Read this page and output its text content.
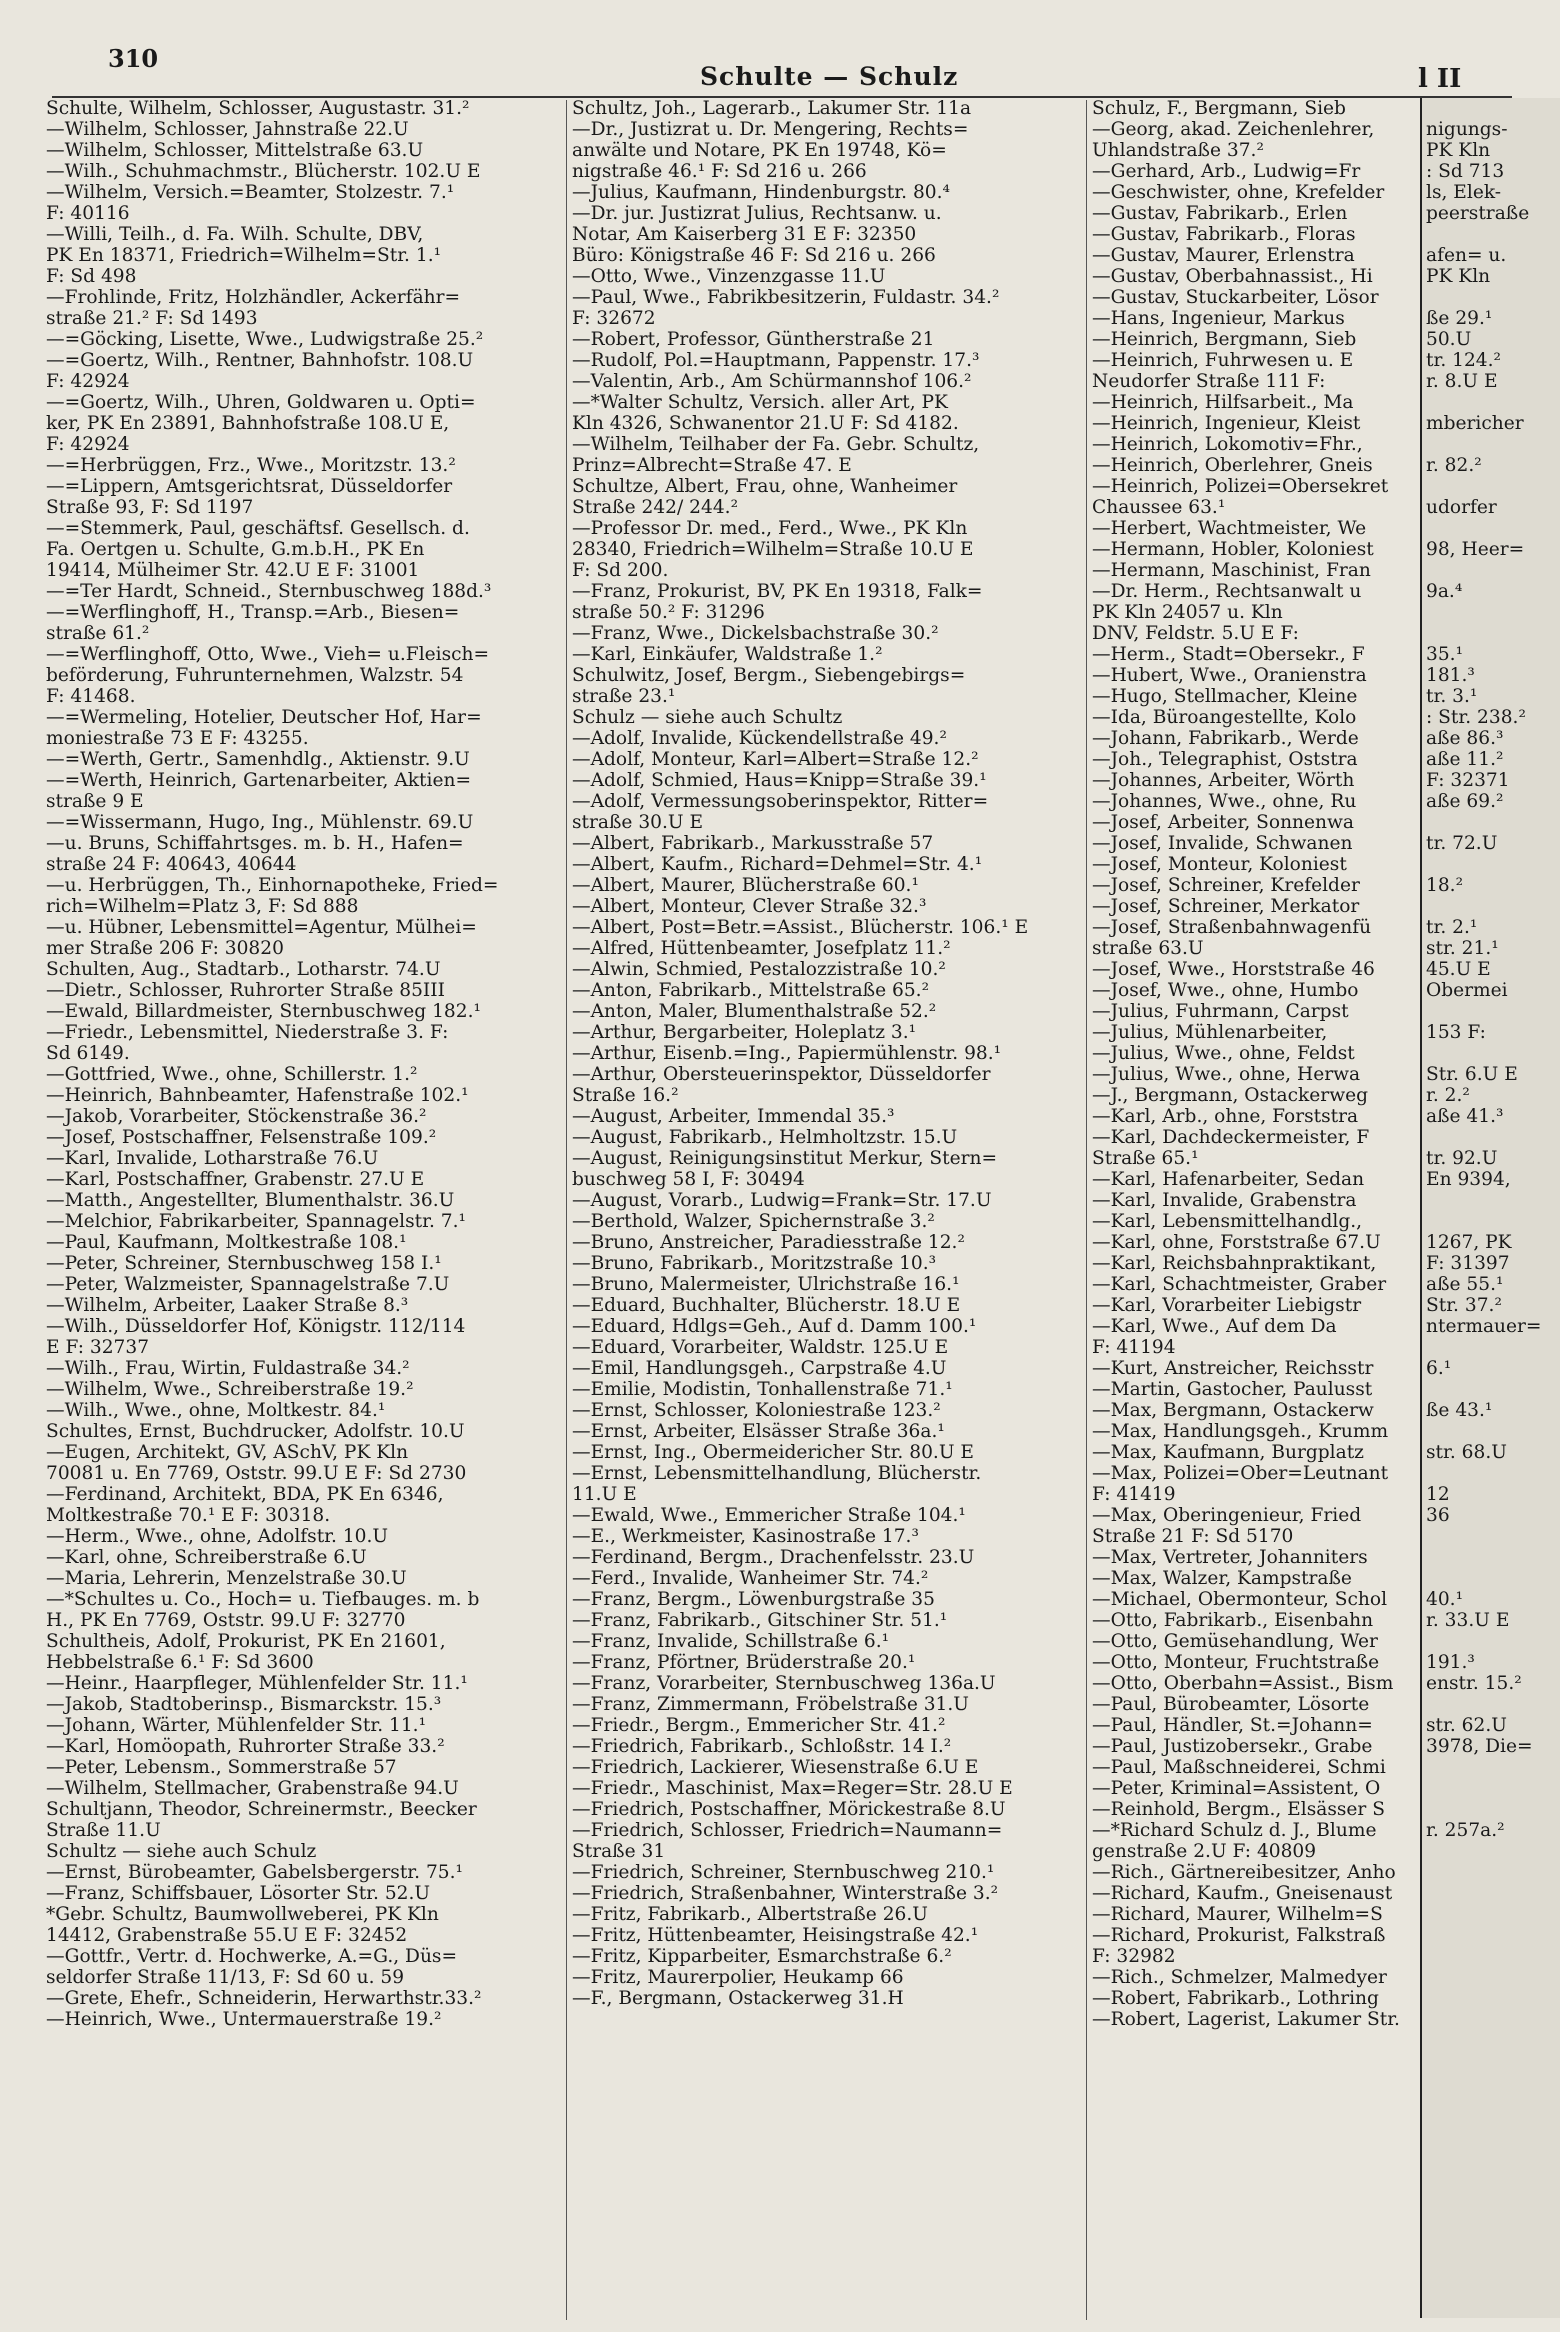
310
Schulte — Schulz	l II
Schulte, Wilhelm, Schlosser, Augustastr. 31.²
—Wilhelm, Schlosser, Jahnstraße 22.U
—Wilhelm, Schlosser, Mittelstraße 63.U
—Wilh., Schuhmachmstr., Blücherstr. 102.U E
—Wilhelm, Versich.=Beamter, Stolzestr. 7.¹
F: 40116
—Willi, Teilh., d. Fa. Wilh. Schulte, DBV,
PK En 18371, Friedrich=Wilhelm=Str. 1.¹
F: Sd 498
—Frohlinde, Fritz, Holzhändler, Ackerfähr=
straße 21.² F: Sd 1493
—=Göcking, Lisette, Wwe., Ludwigstraße 25.²
—=Goertz, Wilh., Rentner, Bahnhofstr. 108.U
F: 42924
—=Goertz, Wilh., Uhren, Goldwaren u. Opti=
ker, PK En 23891, Bahnhofstraße 108.U E,
F: 42924
—=Herbrüggen, Frz., Wwe., Moritzstr. 13.²
—=Lippern, Amtsgerichtsrat, Düsseldorfer
Straße 93, F: Sd 1197
—=Stemmerk, Paul, geschäftsf. Gesellsch. d.
Fa. Oertgen u. Schulte, G.m.b.H., PK En
19414, Mülheimer Str. 42.U E F: 31001
—=Ter Hardt, Schneid., Sternbuschweg 188d.³
—=Werflinghoff, H., Transp.=Arb., Biesen=
straße 61.²
—=Werflinghoff, Otto, Wwe., Vieh= u.Fleisch=
beförderung, Fuhrunternehmen, Walzstr. 54
F: 41468.
—=Wermeling, Hotelier, Deutscher Hof, Har=
moniestraße 73 E F: 43255.
—=Werth, Gertr., Samenhdlg., Aktienstr. 9.U
—=Werth, Heinrich, Gartenarbeiter, Aktien=
straße 9 E
—=Wissermann, Hugo, Ing., Mühlenstr. 69.U
—u. Bruns, Schiffahrtsges. m. b. H., Hafen=
straße 24 F: 40643, 40644
—u. Herbrüggen, Th., Einhornapotheke, Fried=
rich=Wilhelm=Platz 3, F: Sd 888
—u. Hübner, Lebensmittel=Agentur, Mülhei=
mer Straße 206 F: 30820
Schulten, Aug., Stadtarb., Lotharstr. 74.U
—Dietr., Schlosser, Ruhrorter Straße 85III
—Ewald, Billardmeister, Sternbuschweg 182.¹
—Friedr., Lebensmittel, Niederstraße 3. F:
Sd 6149.
—Gottfried, Wwe., ohne, Schillerstr. 1.²
—Heinrich, Bahnbeamter, Hafenstraße 102.¹
—Jakob, Vorarbeiter, Stöckenstraße 36.²
—Josef, Postschaffner, Felsenstraße 109.²
—Karl, Invalide, Lotharstraße 76.U
—Karl, Postschaffner, Grabenstr. 27.U E
—Matth., Angestellter, Blumenthalstr. 36.U
—Melchior, Fabrikarbeiter, Spannagelstr. 7.¹
—Paul, Kaufmann, Moltkestraße 108.¹
—Peter, Schreiner, Sternbuschweg 158 I.¹
—Peter, Walzmeister, Spannagelstraße 7.U
—Wilhelm, Arbeiter, Laaker Straße 8.³
—Wilh., Düsseldorfer Hof, Königstr. 112/114
E F: 32737
—Wilh., Frau, Wirtin, Fuldastraße 34.²
—Wilhelm, Wwe., Schreiberstraße 19.²
—Wilh., Wwe., ohne, Moltkestr. 84.¹
Schultes, Ernst, Buchdrucker, Adolfstr. 10.U
—Eugen, Architekt, GV, ASchV, PK Kln
70081 u. En 7769, Oststr. 99.U E F: Sd 2730
—Ferdinand, Architekt, BDA, PK En 6346,
Moltkestraße 70.¹ E F: 30318.
—Herm., Wwe., ohne, Adolfstr. 10.U
—Karl, ohne, Schreiberstraße 6.U
—Maria, Lehrerin, Menzelstraße 30.U
—*Schultes u. Co., Hoch= u. Tiefbauges. m. b
H., PK En 7769, Oststr. 99.U F: 32770
Schultheis, Adolf, Prokurist, PK En 21601,
Hebbelstraße 6.¹ F: Sd 3600
—Heinr., Haarpfleger, Mühlenfelder Str. 11.¹
—Jakob, Stadtoberinsp., Bismarckstr. 15.³
—Johann, Wärter, Mühlenfelder Str. 11.¹
—Karl, Homöopath, Ruhrorter Straße 33.²
—Peter, Lebensm., Sommerstraße 57
—Wilhelm, Stellmacher, Grabenstraße 94.U
Schultjann, Theodor, Schreinermstr., Beecker
Straße 11.U
Schultz — siehe auch Schulz
—Ernst, Bürobeamter, Gabelsbergerstr. 75.¹
—Franz, Schiffsbauer, Lösorter Str. 52.U
*Gebr. Schultz, Baumwollweberei, PK Kln
14412, Grabenstraße 55.U E F: 32452
—Gottfr., Vertr. d. Hochwerke, A.=G., Düs=
seldorfer Straße 11/13, F: Sd 60 u. 59
—Grete, Ehefr., Schneiderin, Herwarthstr.33.²
—Heinrich, Wwe., Untermauerstraße 19.²
Schultz, Joh., Lagerarb., Lakumer Str. 11a
—Dr., Justizrat u. Dr. Mengering, Rechts=
anwälte und Notare, PK En 19748, Kö=
nigstraße 46.¹ F: Sd 216 u. 266
—Julius, Kaufmann, Hindenburgstr. 80.⁴
—Dr. jur. Justizrat Julius, Rechtsanw. u.
Notar, Am Kaiserberg 31 E F: 32350
Büro: Königstraße 46 F: Sd 216 u. 266
—Otto, Wwe., Vinzenzgasse 11.U
—Paul, Wwe., Fabrikbesitzerin, Fuldastr. 34.²
F: 32672
—Robert, Professor, Güntherstraße 21
—Rudolf, Pol.=Hauptmann, Pappenstr. 17.³
—Valentin, Arb., Am Schürmannshof 106.²
—*Walter Schultz, Versich. aller Art, PK
Kln 4326, Schwanentor 21.U F: Sd 4182.
—Wilhelm, Teilhaber der Fa. Gebr. Schultz,
Prinz=Albrecht=Straße 47. E
Schultze, Albert, Frau, ohne, Wanheimer
Straße 242/ 244.²
—Professor Dr. med., Ferd., Wwe., PK Kln
28340, Friedrich=Wilhelm=Straße 10.U E
F: Sd 200.
—Franz, Prokurist, BV, PK En 19318, Falk=
straße 50.² F: 31296
—Franz, Wwe., Dickelsbachstraße 30.²
—Karl, Einkäufer, Waldstraße 1.²
Schulwitz, Josef, Bergm., Siebengebirgs=
straße 23.¹
Schulz — siehe auch Schultz
—Adolf, Invalide, Kückendellstraße 49.²
—Adolf, Monteur, Karl=Albert=Straße 12.²
—Adolf, Schmied, Haus=Knipp=Straße 39.¹
—Adolf, Vermessungsoberinspektor, Ritter=
straße 30.U E
—Albert, Fabrikarb., Markusstraße 57
—Albert, Kaufm., Richard=Dehmel=Str. 4.¹
—Albert, Maurer, Blücherstraße 60.¹
—Albert, Monteur, Clever Straße 32.³
—Albert, Post=Betr.=Assist., Blücherstr. 106.¹ E
—Alfred, Hüttenbeamter, Josefplatz 11.²
—Alwin, Schmied, Pestalozzistraße 10.²
—Anton, Fabrikarb., Mittelstraße 65.²
—Anton, Maler, Blumenthalstraße 52.²
—Arthur, Bergarbeiter, Holeplatz 3.¹
—Arthur, Eisenb.=Ing., Papiermühlenstr. 98.¹
—Arthur, Obersteuerinspektor, Düsseldorfer
Straße 16.²
—August, Arbeiter, Immendal 35.³
—August, Fabrikarb., Helmholtzstr. 15.U
—August, Reinigungsinstitut Merkur, Stern=
buschweg 58 I, F: 30494
—August, Vorarb., Ludwig=Frank=Str. 17.U
—Berthold, Walzer, Spichernstraße 3.²
—Bruno, Anstreicher, Paradiesstraße 12.²
—Bruno, Fabrikarb., Moritzstraße 10.³
—Bruno, Malermeister, Ulrichstraße 16.¹
—Eduard, Buchhalter, Blücherstr. 18.U E
—Eduard, Hdlgs=Geh., Auf d. Damm 100.¹
—Eduard, Vorarbeiter, Waldstr. 125.U E
—Emil, Handlungsgeh., Carpstraße 4.U
—Emilie, Modistin, Tonhallenstraße 71.¹
—Ernst, Schlosser, Koloniestraße 123.²
—Ernst, Arbeiter, Elsässer Straße 36a.¹
—Ernst, Ing., Obermeidericher Str. 80.U E
—Ernst, Lebensmittelhandlung, Blücherstr.
11.U E
—Ewald, Wwe., Emmericher Straße 104.¹
—E., Werkmeister, Kasinostraße 17.³
—Ferdinand, Bergm., Drachenfelsstr. 23.U
—Ferd., Invalide, Wanheimer Str. 74.²
—Franz, Bergm., Löwenburgstraße 35
—Franz, Fabrikarb., Gitschiner Str. 51.¹
—Franz, Invalide, Schillstraße 6.¹
—Franz, Pförtner, Brüderstraße 20.¹
—Franz, Vorarbeiter, Sternbuschweg 136a.U
—Franz, Zimmermann, Fröbelstraße 31.U
—Friedr., Bergm., Emmericher Str. 41.²
—Friedrich, Fabrikarb., Schloßstr. 14 I.²
—Friedrich, Lackierer, Wiesenstraße 6.U E
—Friedr., Maschinist, Max=Reger=Str. 28.U E
—Friedrich, Postschaffner, Mörickestraße 8.U
—Friedrich, Schlosser, Friedrich=Naumann=
Straße 31
—Friedrich, Schreiner, Sternbuschweg 210.¹
—Friedrich, Straßenbahner, Winterstraße 3.²
—Fritz, Fabrikarb., Albertstraße 26.U
—Fritz, Hüttenbeamter, Heisingstraße 42.¹
—Fritz, Kipparbeiter, Esmarchstraße 6.²
—Fritz, Maurerpolier, Heukamp 66
—F., Bergmann, Ostackerweg 31.H
Schulz, F., Bergmann, Sieb
—Georg, akad. Zeichenlehrer,
Uhlandstraße 37.²
—Gerhard, Arb., Ludwig=Fr
—Geschwister, ohne, Krefelder
—Gustav, Fabrikarb., Erlen
—Gustav, Fabrikarb., Floras
—Gustav, Maurer, Erlenstra
—Gustav, Oberbahnassist., Hi
—Gustav, Stuckarbeiter, Lösor
—Hans, Ingenieur, Markus
—Heinrich, Bergmann, Sieb
—Heinrich, Fuhrwesen u. E
Neudorfer Straße 111 F:
—Heinrich, Hilfsarbeit., Ma
—Heinrich, Ingenieur, Kleist
—Heinrich, Lokomotiv=Fhr.,
—Heinrich, Oberlehrer, Gneis
—Heinrich, Polizei=Obersekret
Chaussee 63.¹
—Herbert, Wachtmeister, We
—Hermann, Hobler, Koloniest
—Hermann, Maschinist, Fran
—Dr. Herm., Rechtsanwalt u
PK Kln 24057 u. Kln
DNV, Feldstr. 5.U E F:
—Herm., Stadt=Obersekr., F
—Hubert, Wwe., Oranienstra
—Hugo, Stellmacher, Kleine
—Ida, Büroangestellte, Kolo
—Johann, Fabrikarb., Werde
—Joh., Telegraphist, Oststra
—Johannes, Arbeiter, Wörth
—Johannes, Wwe., ohne, Ru
—Josef, Arbeiter, Sonnenwa
—Josef, Invalide, Schwanen
—Josef, Monteur, Koloniest
—Josef, Schreiner, Krefelder
—Josef, Schreiner, Merkator
—Josef, Straßenbahnwagenfü
straße 63.U
—Josef, Wwe., Horststraße 46
—Josef, Wwe., ohne, Humbo
—Julius, Fuhrmann, Carpst
—Julius, Mühlenarbeiter,
—Julius, Wwe., ohne, Feldst
—Julius, Wwe., ohne, Herwa
—J., Bergmann, Ostackerweg
—Karl, Arb., ohne, Forststra
—Karl, Dachdeckermeister, F
Straße 65.¹
—Karl, Hafenarbeiter, Sedan
—Karl, Invalide, Grabenstra
—Karl, Lebensmittelhandlg.,
—Karl, ohne, Forststraße 67.U
—Karl, Reichsbahnpraktikant,
—Karl, Schachtmeister, Graber
—Karl, Vorarbeiter Liebigstr
—Karl, Wwe., Auf dem Da
F: 41194
—Kurt, Anstreicher, Reichsstr
—Martin, Gastocher, Paulusst
—Max, Bergmann, Ostackerw
—Max, Handlungsgeh., Krumm
—Max, Kaufmann, Burgplatz
—Max, Polizei=Ober=Leutnant
F: 41419
—Max, Oberingenieur, Fried
Straße 21 F: Sd 5170
—Max, Vertreter, Johanniters
—Max, Walzer, Kampstraße
—Michael, Obermonteur, Schol
—Otto, Fabrikarb., Eisenbahn
—Otto, Gemüsehandlung, Wer
—Otto, Monteur, Fruchtstraße
—Otto, Oberbahn=Assist., Bism
—Paul, Bürobeamter, Lösorte
—Paul, Händler, St.=Johann=
—Paul, Justizobersekr., Grabe
—Paul, Maßschneiderei, Schmi
—Peter, Kriminal=Assistent, O
—Reinhold, Bergm., Elsässer S
—*Richard Schulz d. J., Blume
genstraße 2.U F: 40809
—Rich., Gärtnereibesitzer, Anho
—Richard, Kaufm., Gneisenaust
—Richard, Maurer, Wilhelm=S
—Richard, Prokurist, Falkstraß
F: 32982
—Rich., Schmelzer, Malmedyer
—Robert, Fabrikarb., Lothring
—Robert, Lagerist, Lakumer Str.

nigungs-
PK Kln
: Sd 713
ls, Elek-
peerstraße

afen= u.
PK Kln

ße 29.¹
50.U
tr. 124.²
r. 8.U E

mbericher

r. 82.²

udorfer

98, Heer=

9a.⁴

35.¹
181.³
tr. 3.¹
: Str. 238.²
aße 86.³
aße 11.²
F: 32371
aße 69.²

tr. 72.U

18.²

tr. 2.¹
str. 21.¹
45.U E
Obermei

153 F:

Str. 6.U E
r. 2.²
aße 41.³

tr. 92.U
En 9394,

1267, PK
F: 31397
aße 55.¹
Str. 37.²
ntermauer=

6.¹

ße 43.¹

str. 68.U

12
36

40.¹
r. 33.U E

191.³
enstr. 15.²

str. 62.U
3978, Die=

r. 257a.²
